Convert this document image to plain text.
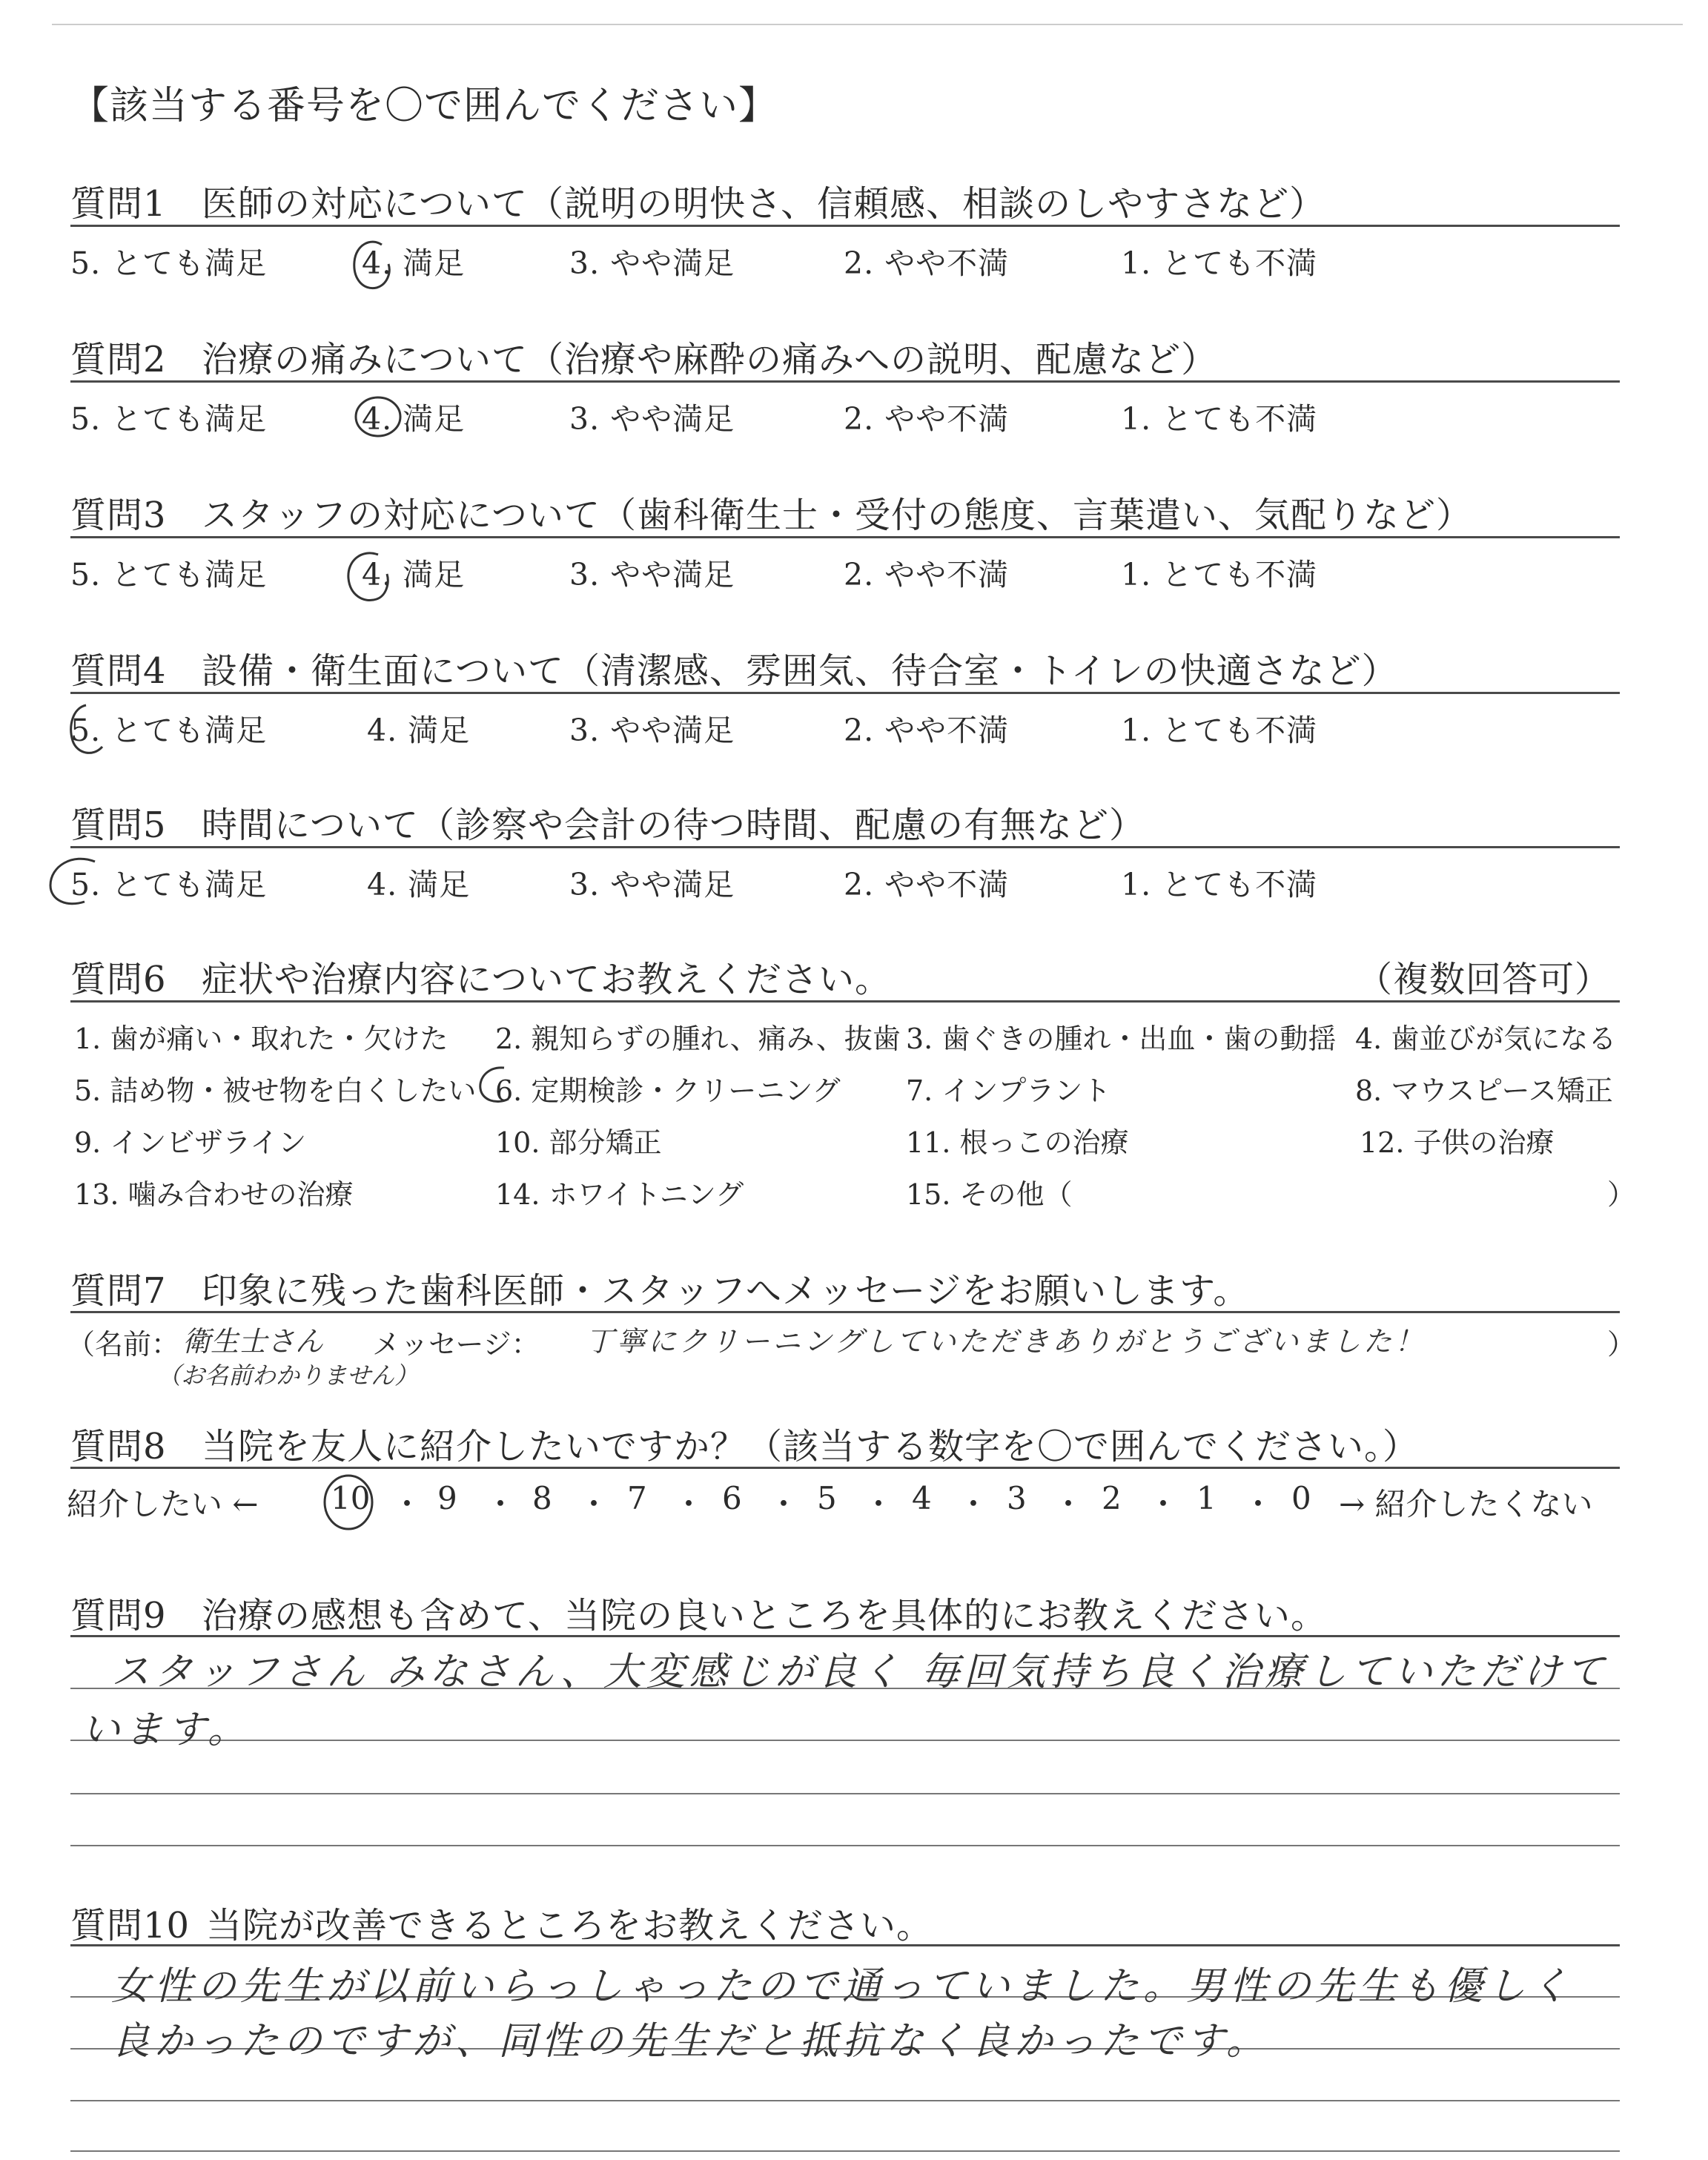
【該当する番号を〇で囲んでください】
質問1 医師の対応について（説明の明快さ、信頼感、相談のしやすさなど）
5. とても満足	4. 満足	3. やや満足	2. やや不満	1. とても不満
質問2 治療の痛みについて（治療や麻酔の痛みへの説明、配慮など）
5. とても満足	4. 満足	3. やや満足	2. やや不満	1. とても不満
質問3 スタッフの対応について（歯科衛生士・受付の態度、言葉遣い、気配りなど）
5. とても満足	4. 満足	3. やや満足	2. やや不満	1. とても不満
質問4 設備・衛生面について（清潔感、雰囲気、待合室・トイレの快適さなど）
5. とても満足	4. 満足	3. やや満足	2. やや不満	1. とても不満
質問5 時間について（診察や会計の待つ時間、配慮の有無など）
5. とても満足	4. 満足	3. やや満足	2. やや不満	1. とても不満
質問6 症状や治療内容についてお教えください。	（複数回答可）
1. 歯が痛い・取れた・欠けた 2. 親知らずの腫れ、痛み、抜歯 3. 歯ぐきの腫れ・出血・歯の動揺 4. 歯並びが気になる
5. 詰め物・被せ物を白くしたい 6. 定期検診・クリーニング 7. インプラント	8. マウスピース矯正
9. インビザライン	10. 部分矯正	11. 根っこの治療	12. 子供の治療
13. 噛み合わせの治療	14. ホワイトニング	15. その他（	）
質問7 印象に残った歯科医師・スタッフへメッセージをお願いします。
（名前： 衛生士さん
（お名前わかりません）
メッセージ： 丁寧にクリーニングしていただきありがとうございました！	）
質問8 当院を友人に紹介したいですか？（該当する数字を〇で囲んでください。）
紹介したい ← 10 ・ 9 ・ 8 ・ 7 ・ 6 ・ 5 ・ 4 ・ 3 ・ 2 ・ 1 ・ 0 → 紹介したくない
質問9 治療の感想も含めて、当院の良いところを具体的にお教えください。
スタッフさん みなさん、大変感じが良く 毎回気持ち良く治療していただけて
います。
質問10 当院が改善できるところをお教えください。
女性の先生が以前いらっしゃったので通っていました。男性の先生も優しく
良かったのですが、同性の先生だと抵抗なく良かったです。
